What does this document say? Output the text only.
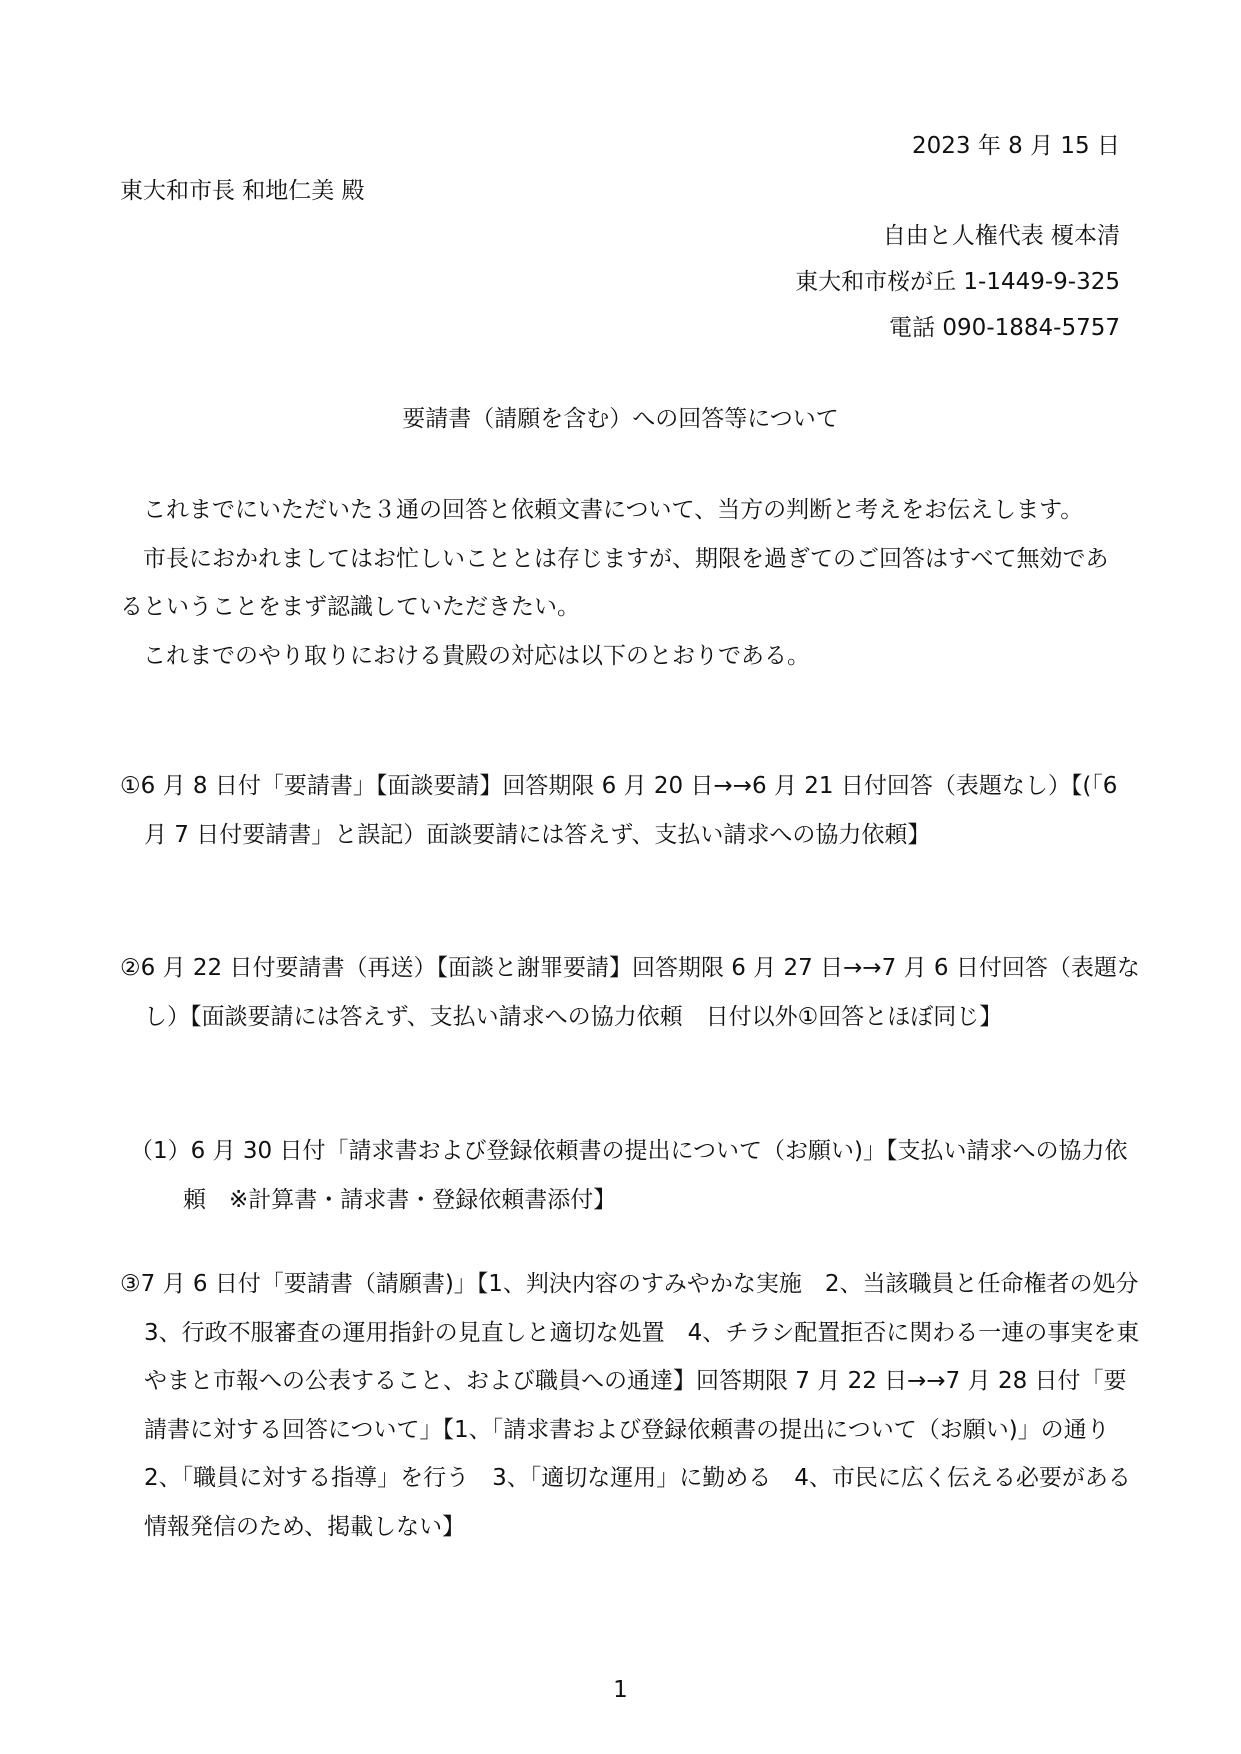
2023 年 8 月 15 日

東大和市長 和地仁美 殿

自由と人権代表 榎本清

東大和市桜が丘 1-1449-9-325

電話 090-1884-5757

要請書（請願を含む）への回答等について

　これまでにいただいた３通の回答と依頼文書について、当方の判断と考えをお伝えします。

　市長におかれましてはお忙しいこととは存じますが、期限を過ぎてのご回答はすべて無効であるということをまず認識していただきたい。

　これまでのやり取りにおける貴殿の対応は以下のとおりである。

①6 月 8 日付「要請書」【面談要請】回答期限 6 月 20 日→→6 月 21 日付回答（表題なし）【(「6 月 7 日付要請書」と誤記）面談要請には答えず、支払い請求への協力依頼】

②6 月 22 日付要請書（再送）【面談と謝罪要請】回答期限 6 月 27 日→→7 月 6 日付回答（表題なし）【面談要請には答えず、支払い請求への協力依頼　日付以外①回答とほぼ同じ】

（1）6 月 30 日付「請求書および登録依頼書の提出について（お願い)」【支払い請求への協力依頼　※計算書・請求書・登録依頼書添付】

③7 月 6 日付「要請書（請願書)」【1、判決内容のすみやかな実施　2、当該職員と任命権者の処分　3、行政不服審査の運用指針の見直しと適切な処置　4、チラシ配置拒否に関わる一連の事実を東やまと市報への公表すること、および職員への通達】回答期限 7 月 22 日→→7 月 28 日付「要請書に対する回答について」【1、「請求書および登録依頼書の提出について（お願い)」の通り　2、「職員に対する指導」を行う　3、「適切な運用」に勤める　4、市民に広く伝える必要がある情報発信のため、掲載しない】

1
